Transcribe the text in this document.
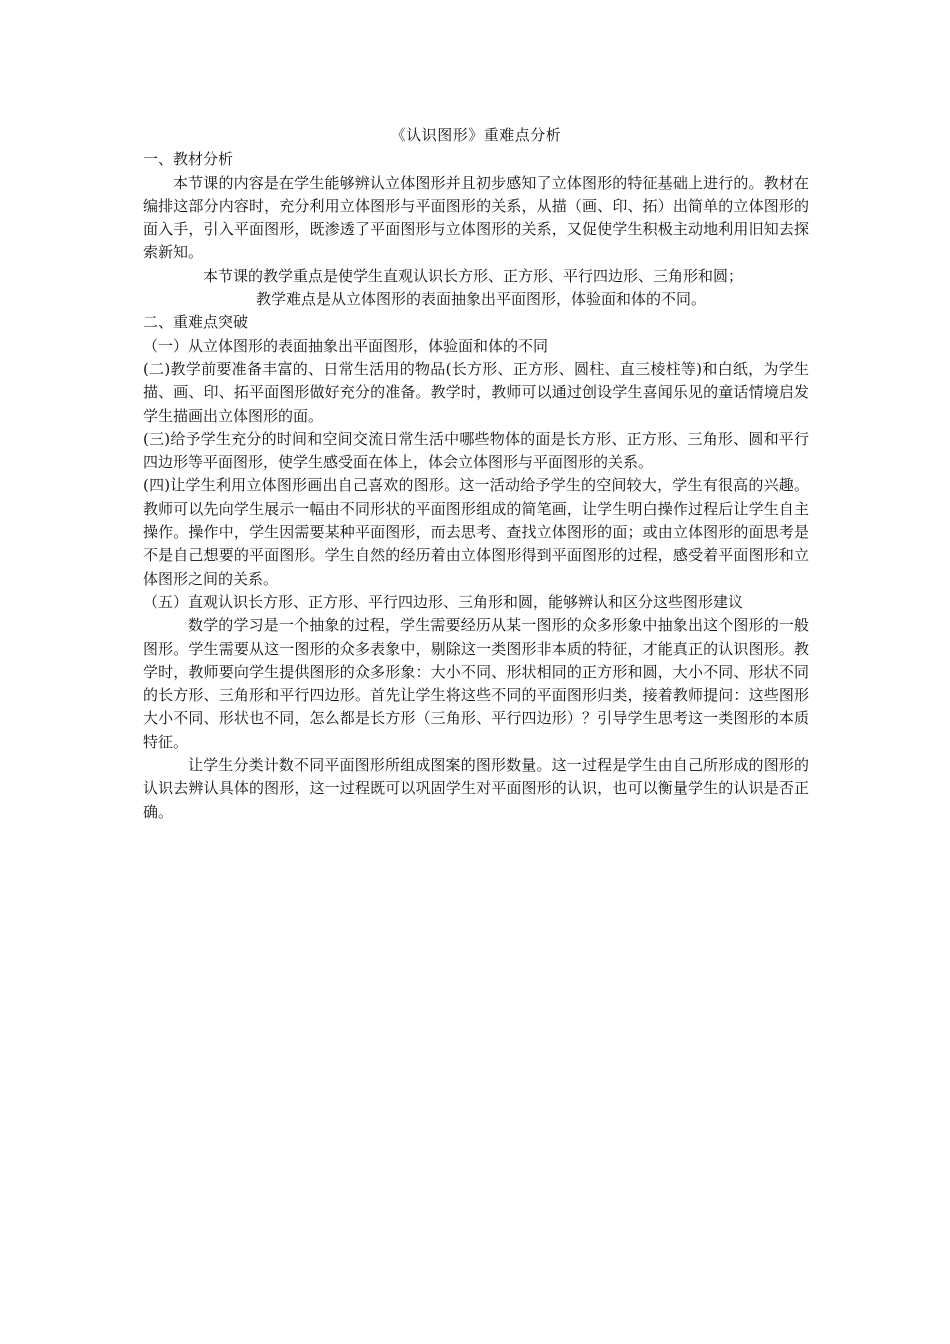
《认识图形》重难点分析

一、教材分析

本节课的内容是在学生能够辨认立体图形并且初步感知了立体图形的特征基础上进行的。教材在编排这部分内容时，充分利用立体图形与平面图形的关系，从描（画、印、拓）出简单的立体图形的面入手，引入平面图形，既渗透了平面图形与立体图形的关系，又促使学生积极主动地利用旧知去探索新知。

本节课的教学重点是使学生直观认识长方形、正方形、平行四边形、三角形和圆；

教学难点是从立体图形的表面抽象出平面图形，体验面和体的不同。

二、重难点突破

（一）从立体图形的表面抽象出平面图形，体验面和体的不同

(二)教学前要准备丰富的、日常生活用的物品(长方形、正方形、圆柱、直三棱柱等)和白纸，为学生描、画、印、拓平面图形做好充分的准备。教学时，教师可以通过创设学生喜闻乐见的童话情境启发学生描画出立体图形的面。

(三)给予学生充分的时间和空间交流日常生活中哪些物体的面是长方形、正方形、三角形、圆和平行四边形等平面图形，使学生感受面在体上，体会立体图形与平面图形的关系。

(四)让学生利用立体图形画出自己喜欢的图形。这一活动给予学生的空间较大，学生有很高的兴趣。教师可以先向学生展示一幅由不同形状的平面图形组成的简笔画，让学生明白操作过程后让学生自主操作。操作中，学生因需要某种平面图形，而去思考、查找立体图形的面；或由立体图形的面思考是不是自己想要的平面图形。学生自然的经历着由立体图形得到平面图形的过程，感受着平面图形和立体图形之间的关系。

（五）直观认识长方形、正方形、平行四边形、三角形和圆，能够辨认和区分这些图形建议

数学的学习是一个抽象的过程，学生需要经历从某一图形的众多形象中抽象出这个图形的一般图形。学生需要从这一图形的众多表象中，剔除这一类图形非本质的特征，才能真正的认识图形。教学时，教师要向学生提供图形的众多形象：大小不同、形状相同的正方形和圆，大小不同、形状不同的长方形、三角形和平行四边形。首先让学生将这些不同的平面图形归类，接着教师提问：这些图形大小不同、形状也不同，怎么都是长方形（三角形、平行四边形）？引导学生思考这一类图形的本质特征。

让学生分类计数不同平面图形所组成图案的图形数量。这一过程是学生由自己所形成的图形的认识去辨认具体的图形，这一过程既可以巩固学生对平面图形的认识，也可以衡量学生的认识是否正确。
